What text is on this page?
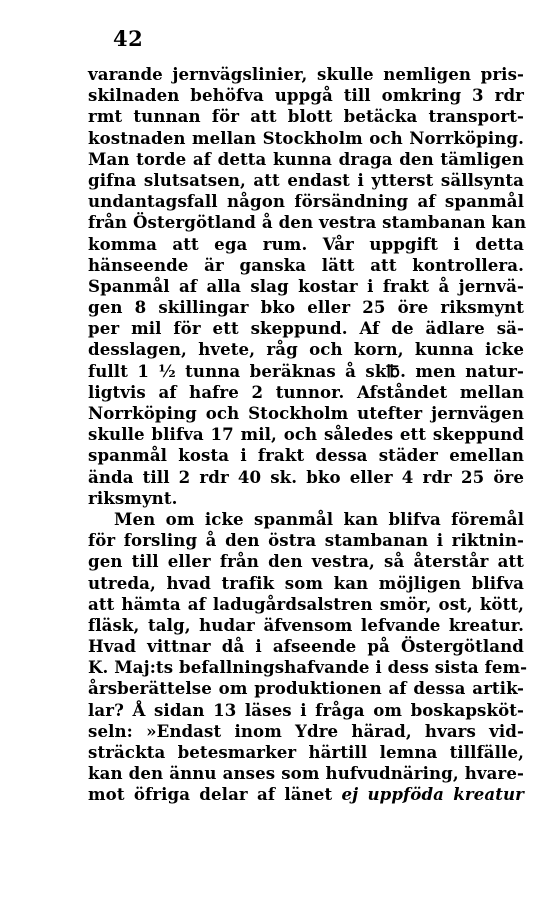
42
varande jernvägslinier, skulle nemligen pris-
skilnaden behöfva uppgå till omkring 3 rdr
rmt tunnan för att blott betäcka transport-
kostnaden mellan Stockholm och Norrköping.
Man torde af detta kunna draga den tämligen
gifna slutsatsen, att endast i ytterst sällsynta
undantagsfall någon försändning af spanmål
från Östergötland å den vestra stambanan kan
komma att ega rum. Vår uppgift i detta
hänseende är ganska lätt att kontrollera.
Spanmål af alla slag kostar i frakt å jernvä-
gen 8 skillingar bko eller 25 öre riksmynt
per mil för ett skeppund. Af de ädlare sä-
desslagen, hvete, råg och korn, kunna icke
fullt 1 ½ tunna beräknas å sk℔. men natur-
ligtvis af hafre 2 tunnor. Afståndet mellan
Norrköping och Stockholm utefter jernvägen
skulle blifva 17 mil, och således ett skeppund
spanmål kosta i frakt dessa städer emellan
ända till 2 rdr 40 sk. bko eller 4 rdr 25 öre
riksmynt.
Men om icke spanmål kan blifva föremål
för forsling å den östra stambanan i riktnin-
gen till eller från den vestra, så återstår att
utreda, hvad trafik som kan möjligen blifva
att hämta af ladugårdsalstren smör, ost, kött,
fläsk, talg, hudar äfvensom lefvande kreatur.
Hvad vittnar då i afseende på Östergötland
K. Maj:ts befallningshafvande i dess sista fem-
årsberättelse om produktionen af dessa artik-
lar? Å sidan 13 läses i fråga om boskapsköt-
seln: »Endast inom Ydre härad, hvars vid-
sträckta betesmarker härtill lemna tillfälle,
kan den ännu anses som hufvudnäring, hvare-
mot öfriga delar af länet ej uppföda kreatur
